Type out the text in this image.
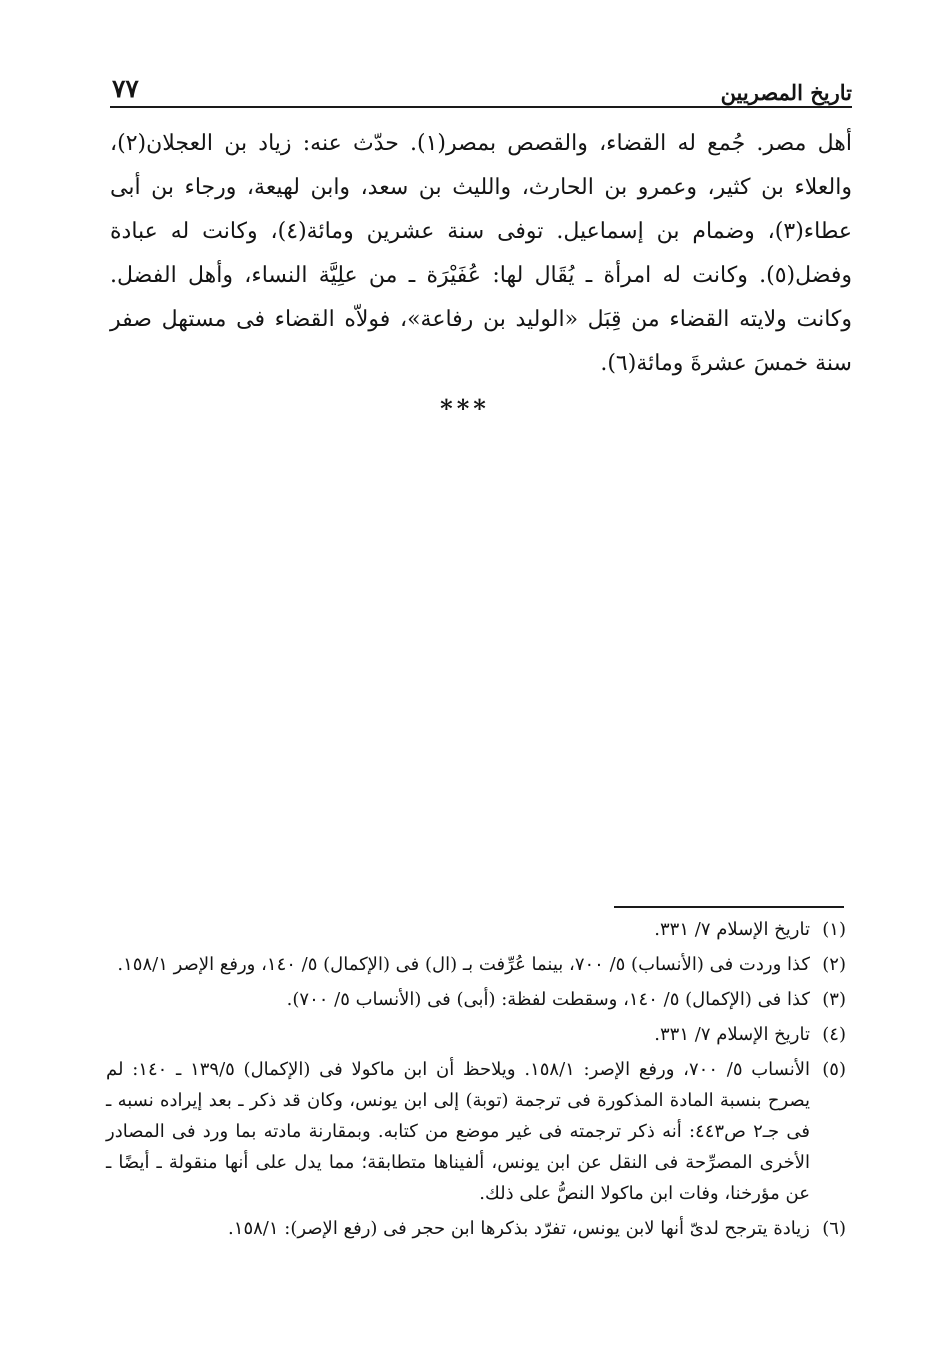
تاريخ المصريين
٧٧

أهل مصر. جُمع له القضاء، والقصص بمصر(١). حدّث عنه: زياد بن العجلان(٢)، والعلاء بن كثير، وعمرو بن الحارث، والليث بن سعد، وابن لهيعة، ورجاء بن أبى عطاء(٣)، وضمام بن إسماعيل. توفى سنة عشرين ومائة(٤)، وكانت له عبادة وفضل(٥). وكانت له امرأة ـ يُقَال لها: عُفَيْرَة ـ من علِيَّة النساء، وأهل الفضل. وكانت ولايته القضاء من قِبَل «الوليد بن رفاعة»، فولاّه القضاء فى مستهل صفر سنة خمسَ عشرةَ ومائة(٦).

***
(١)تاريخ الإسلام ٧/ ٣٣١.
(٢)كذا وردت فى (الأنساب) ٥/ ٧٠٠، بينما عُرِّفت بـ (ال) فى (الإكمال) ٥/ ١٤٠، ورفع الإصر ١٥٨/١.
(٣)كذا فى (الإكمال) ٥/ ١٤٠، وسقطت لفظة: (أبى) فى (الأنساب ٥/ ٧٠٠).
(٤)تاريخ الإسلام ٧/ ٣٣١.
(٥)الأنساب ٥/ ٧٠٠، ورفع الإصر: ١٥٨/١. ويلاحظ أن ابن ماكولا فى (الإكمال) ١٣٩/٥ ـ ١٤٠: لم يصرح بنسبة المادة المذكورة فى ترجمة (توبة) إلى ابن يونس، وكان قد ذكر ـ بعد إيراده نسبه ـ فى جـ٢ ص٤٤٣: أنه ذكر ترجمته فى غير موضع من كتابه. وبمقارنة مادته بما ورد فى المصادر الأخرى المصرِّحة فى النقل عن ابن يونس، ألفيناها متطابقة؛ مما يدل على أنها منقولة ـ أيضًا ـ عن مؤرخنا، وفات ابن ماكولا النصُّ على ذلك.
(٦)زيادة يترجح لدىّ أنها لابن يونس، تفرّد بذكرها ابن حجر فى (رفع الإصر): ١٥٨/١.
